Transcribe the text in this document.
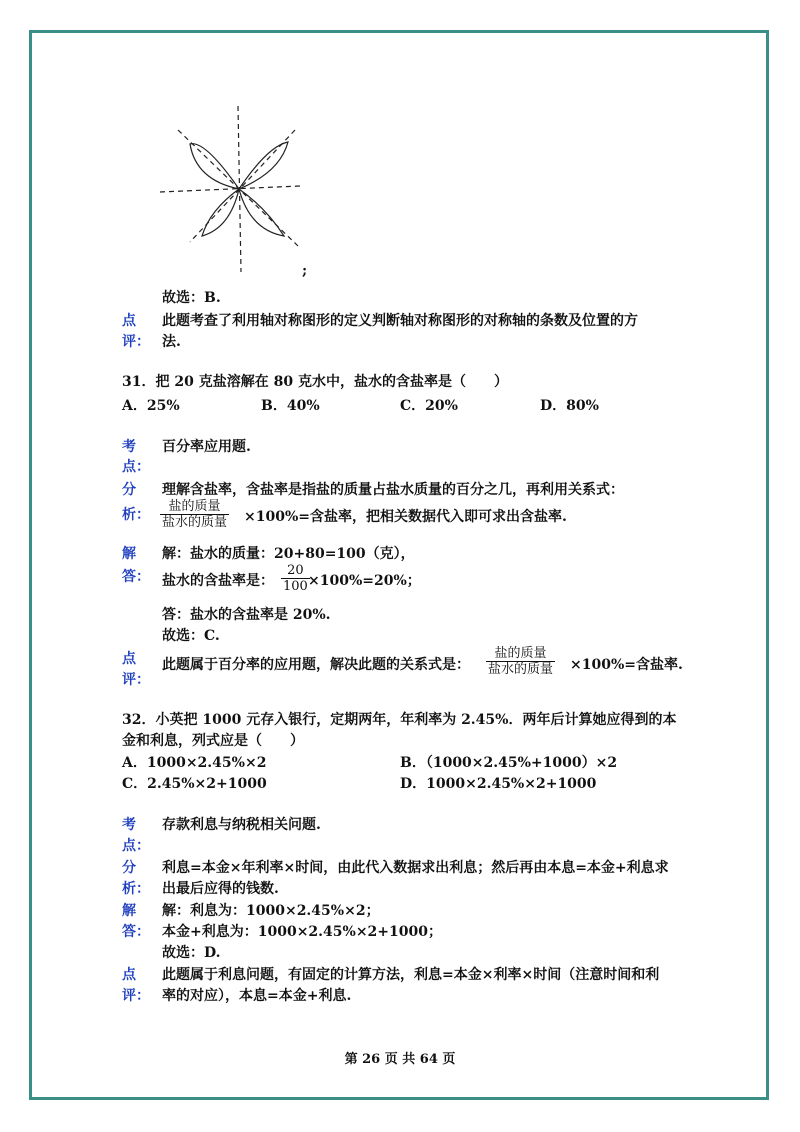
;
故选：B.
点
评：
此题考查了利用轴对称图形的定义判断轴对称图形的对称轴的条数及位置的方
法.
31．把 20 克盐溶解在 80 克水中，盐水的含盐率是（　　）
A．25%	B．40%	C．20%	D．80%
考
点：
百分率应用题.
分
析：
理解含盐率，含盐率是指盐的质量占盐水质量的百分之几，再利用关系式：
盐的质量
盐水的质量 ×100%=含盐率，把相关数据代入即可求出含盐率.
解
答：
解：盐水的质量：20+80=100（克），
盐水的含盐率是：
20
100 ×100%=20%；
答：盐水的含盐率是 20%.
故选：C.
点
评：
此题属于百分率的应用题，解决此题的关系式是：
盐的质量
盐水的质量 ×100%=含盐率.
32．小英把 1000 元存入银行，定期两年，年利率为 2.45%．两年后计算她应得到的本
金和利息，列式应是（　　）
A．1000×2.45%×2	B．（1000×2.45%+1000）×2
C．2.45%×2+1000	D．1000×2.45%×2+1000
考
点：
存款利息与纳税相关问题.
分
析：
利息=本金×年利率×时间，由此代入数据求出利息；然后再由本息=本金+利息求
出最后应得的钱数.
解
答：
解：利息为：1000×2.45%×2；
本金+利息为：1000×2.45%×2+1000；
故选：D.
点
评：
此题属于利息问题，有固定的计算方法，利息=本金×利率×时间（注意时间和利
率的对应），本息=本金+利息.
第 26 页 共 64 页
